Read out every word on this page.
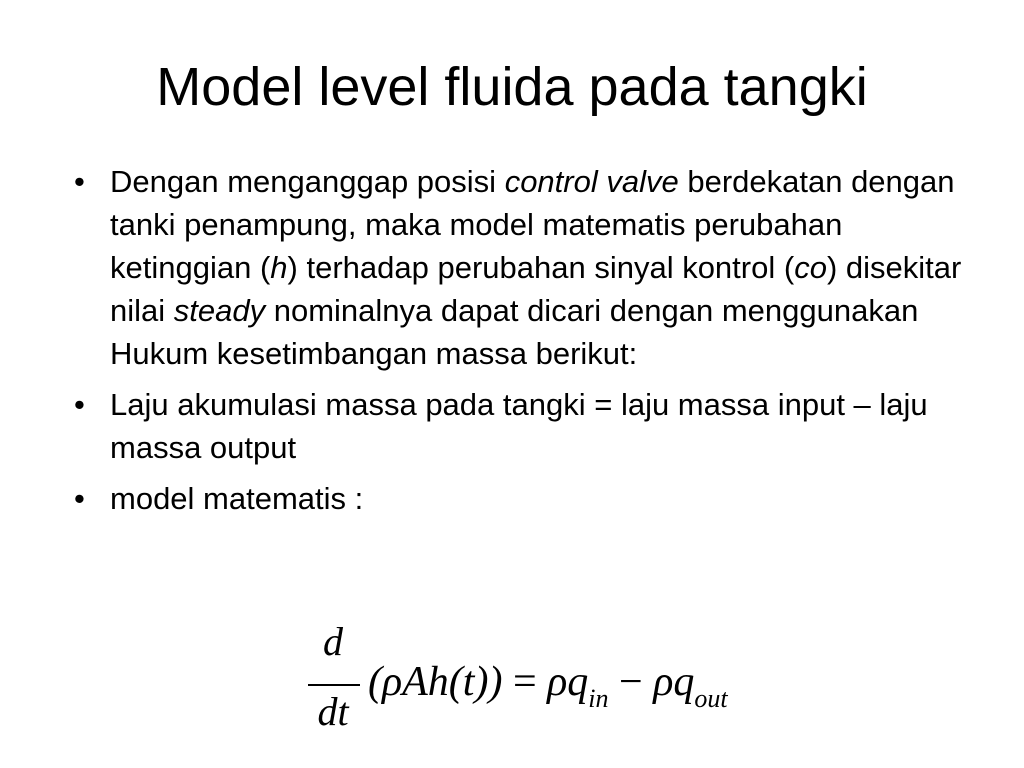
Model level fluida pada tangki
• Dengan menganggap posisi control valve berdekatan dengan tanki penampung, maka model matematis perubahan ketinggian (h) terhadap perubahan sinyal kontrol (co) disekitar nilai steady nominalnya dapat dicari dengan menggunakan Hukum kesetimbangan massa berikut:
• Laju akumulasi massa pada tangki = laju massa input – laju massa output
• model matematis :
d
dt
$(\rho Ah(t)) = \rho q_{in} - \rho q_{out}$
